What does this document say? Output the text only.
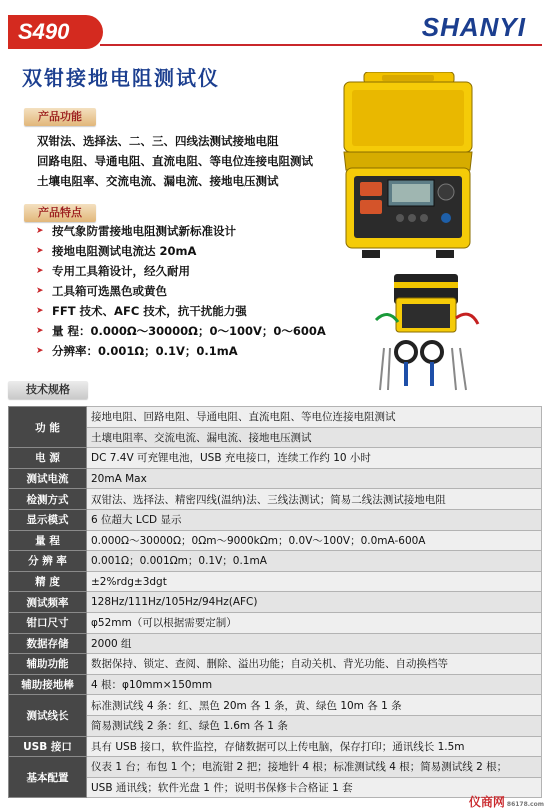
S490	SHANYI
双钳接地电阻测试仪
产品功能
双钳法、选择法、二、三、四线法测试接地电阻
回路电阻、导通电阻、直流电阻、等电位连接电阻测试
土壤电阻率、交流电流、漏电流、接地电压测试
产品特点
➤ 按气象防雷接地电阻测试新标准设计
➤ 接地电阻测试电流达 20mA
➤ 专用工具箱设计，经久耐用
➤ 工具箱可选黑色或黄色
➤ FFT 技术、AFC 技术，抗干扰能力强
➤ 量 程：0.000Ω～30000Ω；0～100V；0～600A
➤ 分辨率：0.001Ω；0.1V；0.1mA
技术规格
功 能	接地电阻、回路电阻、导通电阻、直流电阻、等电位连接电阻测试
	土壤电阻率、交流电流、漏电流、接地电压测试
电 源	DC 7.4V 可充锂电池，USB 充电接口，连续工作约 10 小时
测试电流	20mA Max
检测方式	双钳法、选择法、精密四线(温纳)法、三线法测试；简易二线法测试接地电阻
显示模式	6 位超大 LCD 显示
量 程	0.000Ω～30000Ω；0Ωm～9000kΩm；0.0V～100V；0.0mA-600A
分 辨 率	0.001Ω；0.001Ωm；0.1V；0.1mA
精 度	±2%rdg±3dgt
测试频率	128Hz/111Hz/105Hz/94Hz(AFC)
钳口尺寸	φ52mm（可以根据需要定制）
数据存储	2000 组
辅助功能	数据保持、锁定、查阅、删除、溢出功能；自动关机、背光功能、自动换档等
辅助接地棒	4 根：φ10mm×150mm
测试线长	标准测试线 4 条：红、黑色 20m 各 1 条，黄、绿色 10m 各 1 条
	简易测试线 2 条：红、绿色 1.6m 各 1 条
USB 接口	具有 USB 接口，软件监控，存储数据可以上传电脑，保存打印；通讯线长 1.5m
基本配置	仪表 1 台；布包 1 个；电流钳 2 把；接地针 4 根；标准测试线 4 根；简易测试线 2 根；
	USB 通讯线；软件光盘 1 件；说明书保修卡合格证 1 套
仪商网 86178.com
